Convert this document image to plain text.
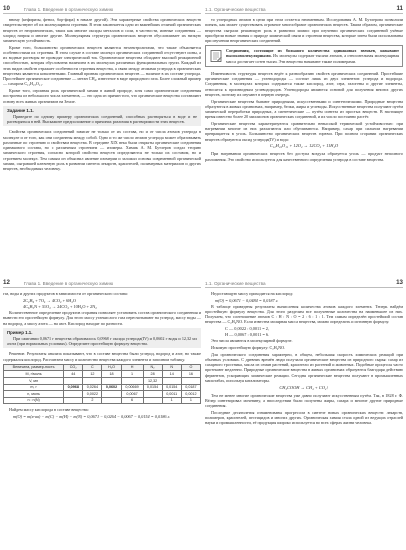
10	Глава 1. Введение в органическую химию

вному (кефиризы, фенол, бор-фира) в начале другой). Эти характерные свойства органических веществ свидетельствуют об их молекулярном строении. В этом заключается одно из важнейших отличий органических веществ от неорганических, таких как многие оксиды металлов и соли, в частности, ионные соединения — хлорид натрия и многие другие. Молекулярная структура органических веществ обусловливает их низкую химическую устойчивость.

Кроме того, большинство органических веществ являются неэлектролитами, что также объясняется особенностями их строения. В этом случае в составе молекул органических соединений отсутствуют ионы, а их водные растворы не проводят электрический ток. Органические вещества обладают высокой реакционной способностью, которая обусловлена наличием в их молекулах различных функциональных групп. Каждый из этих видов свойств отражает особенности строения вещества, а связи между атомами углерода в органических веществах являются ковалентными. Главный признак органических веществ — наличие в их составе углерода. Простейшее органическое соединение — метан CH₄, известное в виде природного газа. Более сложный пример — сахароза C₁₂H₂₂O₁₁.

Кроме того, огромная роль органической химии в живой природе, хотя сами органические соединения построены из небольшого числа элементов, — это одна из причин того, что органические вещества составляют основу всех живых организмов на Земле.

Задание 1.1.

Приведите по одному примеру органических соединений, способных растворяться в воде и не растворяться в ней. Выскажите предположение о причинах различия в растворимости этих веществ.

Свойства органических соединений зависят не только от их состава, но и от числа атомов углерода в молекуле и от того, как они соединены между собой. Одно и то же число атомов углерода может образовывать различные по строению и свойствам вещества. В середине XIX века были открыты органические соединения одинакового состава, но с различным строением — изомеры. Химик А. М. Бутлеров создал теорию химического строения, согласно которой свойства веществ определяются не только их составом, но и строением молекул. Тем самым он объяснил явление изомерии и заложил основы современной органической химии, сыгравшей ключевую роль в развитии синтеза лекарств, красителей, полимерных материалов и других веществ, необходимых человеку.

1.1. Органические вещества	11

то углеродных атомов в цепи при этом остается неизменным. Исследования А. М. Бутлерова позволили понять, как может существовать огромное многообразие органических веществ. Таким образом, органические вещества сыграли решающую роль в развитии химии: при изучении органических соединений учёные приобрели новые знания о природе химической связи и строении вещества, которые затем были использованы при изучении неорганических соединений.

Соединения, состоящие из большого количества одинаковых звеньев, называют высокомолекулярными. Их молекулы содержат тысячи атомов, а относительная молекулярная масса достигает сотен тысяч. Эти вещества называют также полимерами.

Изменчивость структуры веществ ведёт к разнообразию свойств органических соединений. Простейшие органические соединения — углеводороды — состоят лишь из двух элементов: углерода и водорода. Соединения, в молекулах которых содержатся также кислород, азот, сера, галогены и другие элементы, относятся к производным углеводородов. Углеводороды являются основой для получения многих других веществ, поэтому их изучают в первую очередь.

Органические вещества бывают природными, искусственными и синтетическими. Природные вещества образуются в живых организмах, например, белки, жиры и углеводы. Искусственные вещества получают путём химической переработки природных, а синтетические — путём синтеза из простых веществ. В настоящее время известно более 20 миллионов органических соединений, и их число постоянно растёт.

Органические вещества характеризуются сравнительно невысокой термической устойчивостью: при нагревании многие из них разлагаются или обугливаются. Например, сахар при сильном нагревании превращается в уголь. Большинство органических веществ горючи. При полном сгорании органических веществ образуются оксид углерода(IV) и вода:

C₁₂H₂₂O₁₁ + 12O₂ → 12CO₂ + 11H₂O

При нагревании органических веществ без доступа воздуха образуется уголь — продукт неполного разложения. Это свойство используется для качественного определения углерода в составе вещества.

12	Глава 1. Введение в органическую химию

газ, воды и других продуктов в зависимости от органического состава:

2C₂H₆ + 7O₂ → 4CO₂ + 6H₂O

4C₆H₅N + 31O₂ → 24CO₂ + 10H₂O + 2N₂

Количественное определение продуктов сгорания позволяет установить состав органического соединения и вывести его простейшую формулу. Для этого массу углекислого газа пересчитывают на углерод, массу воды — на водород, а массу азота — на азот. Кислород находят по разности.

Пример 1.1.

При сжигании 0,0671 г вещества образовалось 0,0968 г оксида углерода(IV) и 0,0602 г воды и 12,32 мл азота (при нормальных условиях). Определите простейшую формулу вещества.

Решение. Результаты анализа показывают, что в составе вещества были углерод, водород и азот, но также содержался кислород. Рассчитаем массу и количество вещества каждого элемента и заполним таблицу.

Величина, размер-ность	CO₂	C	H₂O	H	N₂	N	O
M, г/моль	44	12	18	1	28	14	16
V, мл					12,32		
m, г	0,0968	0,0264	0,0602	0,00669	0,0154	0,0154	0,0187
n, моль		0,0022		0,0067		0,0011	0,0012
n : n(N)		2		6		1	1

Найдем массу кислорода в составе вещества:

m(O) = m(в-ва) − m(C) − m(H) − m(N) = 0,0671 − 0,0264 − 0,0067 − 0,0154 = 0,0186 г.

1.1. Органические вещества	13

Недостающую массу приходится на кислород:

m(O) = 0,0671 − 0,0484 = 0,0187 г.

В таблице приведены результаты вычисления количества атомов каждого элемента. Теперь найдём простейшую формулу вещества. Для этого разделим все полученные количества на наименьшее из них. Получаем, что соотношение атомов C : H : N : O = 2 : 6 : 1 : 1. Тем самым определён простейший состав вещества — C₂H₆NO. Если известна молярная масса вещества, можно определить и истинную формулу.

C — 0,0022 : 0,0011 = 2,

H — 0,0067 : 0,0011 = 6.

Эти числа являются в молекулярной формуле.

Искомую простейшую формулу: C₂H₆NO.

Для органического соединения характерно, в общем, небольшая скорость химических реакций при обычных условиях. С древних времён люди получали органические вещества из природного сырья: сахар из сахарного тростника, масла из семян растений, красители из растений и животных. Подобные процессы часто протекают медленно. Природные органические вещества в живых организмах образуются благодаря действию ферментов, ускоряющих химические реакции. Сегодня органические вещества получают в промышленных масштабах, используя катализаторы.

CH₃COOH → CH₄ + CO₂↑

Тем не менее многие органические вещества уже давно получают искусственным путём. Так, в 1828 г. Ф. Вёлер синтезировал мочевину, а впоследствии были получены жиры, сахара и многие другие природные соединения.

Последние десятилетия ознаменованы прогрессом в синтезе новых органических веществ: лекарств, полимеров, красителей, пестицидов и многих других. Органическая химия стала одной из ведущих отраслей науки и промышленности, её продукция широко используется во всех сферах жизни человека.
